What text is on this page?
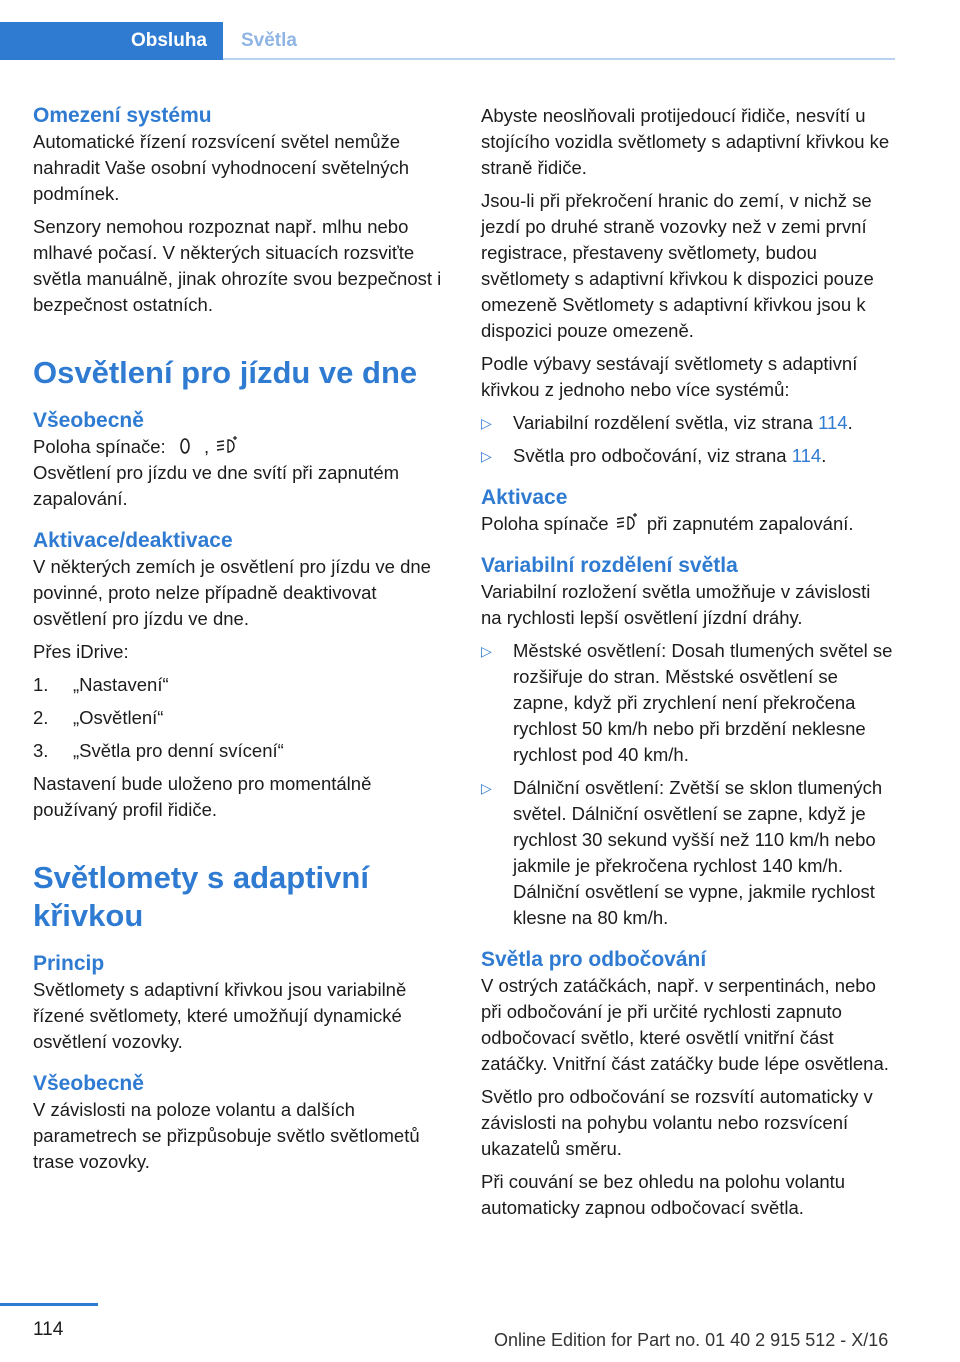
Obsluha Světla
Omezení systému

Automatické řízení rozsvícení světel nemůže nahradit Vaše osobní vyhodnocení světelných podmínek.

Senzory nemohou rozpoznat např. mlhu nebo mlhavé počasí. V některých situacích rozsviťte světla manuálně, jinak ohrozíte svou bezpečnost i bezpečnost ostatních.

Osvětlení pro jízdu ve dne
Všeobecně

Poloha spínače: ,

Osvětlení pro jízdu ve dne svítí při zapnutém zapalování.

Aktivace/deaktivace

V některých zemích je osvětlení pro jízdu ve dne povinné, proto nelze případně deaktivovat osvětlení pro jízdu ve dne.

Přes iDrive:

1.	„Nastavení“
2.	„Osvětlení“
3.	„Světla pro denní svícení“

Nastavení bude uloženo pro momentálně používaný profil řidiče.

Světlomety s adaptivní křivkou
Princip

Světlomety s adaptivní křivkou jsou variabilně řízené světlomety, které umožňují dynamické osvětlení vozovky.

Všeobecně

V závislosti na poloze volantu a dalších parametrech se přizpůsobuje světlo světlometů trase vozovky.

Abyste neoslňovali protijedoucí řidiče, nesvítí u stojícího vozidla světlomety s adaptivní křivkou ke straně řidiče.

Jsou-li při překročení hranic do zemí, v nichž se jezdí po druhé straně vozovky než v zemi první registrace, přestaveny světlomety, budou světlomety s adaptivní křivkou k dispozici pouze omezeně Světlomety s adaptivní křivkou jsou k dispozici pouze omezeně.

Podle výbavy sestávají světlomety s adaptivní křivkou z jednoho nebo více systémů:

▷	Variabilní rozdělení světla, viz strana 114.
▷	Světla pro odbočování, viz strana 114.
Aktivace

Poloha spínače při zapnutém zapalování.

Variabilní rozdělení světla

Variabilní rozložení světla umožňuje v závislosti na rychlosti lepší osvětlení jízdní dráhy.

▷	Městské osvětlení: Dosah tlumených světel se rozšiřuje do stran. Městské osvětlení se zapne, když při zrychlení není překročena rychlost 50 km/h nebo při brzdění neklesne rychlost pod 40 km/h.
▷	Dálniční osvětlení: Zvětší se sklon tlumených světel. Dálniční osvětlení se zapne, když je rychlost 30 sekund vyšší než 110 km/h nebo jakmile je překročena rychlost 140 km/h. Dálniční osvětlení se vypne, jakmile rychlost klesne na 80 km/h.
Světla pro odbočování

V ostrých zatáčkách, např. v serpentinách, nebo při odbočování je při určité rychlosti zapnuto odbočovací světlo, které osvětlí vnitřní část zatáčky. Vnitřní část zatáčky bude lépe osvětlena.

Světlo pro odbočování se rozsvítí automaticky v závislosti na pohybu volantu nebo rozsvícení ukazatelů směru.

Při couvání se bez ohledu na polohu volantu automaticky zapnou odbočovací světla.

114	Online Edition for Part no. 01 40 2 915 512 - X/16
